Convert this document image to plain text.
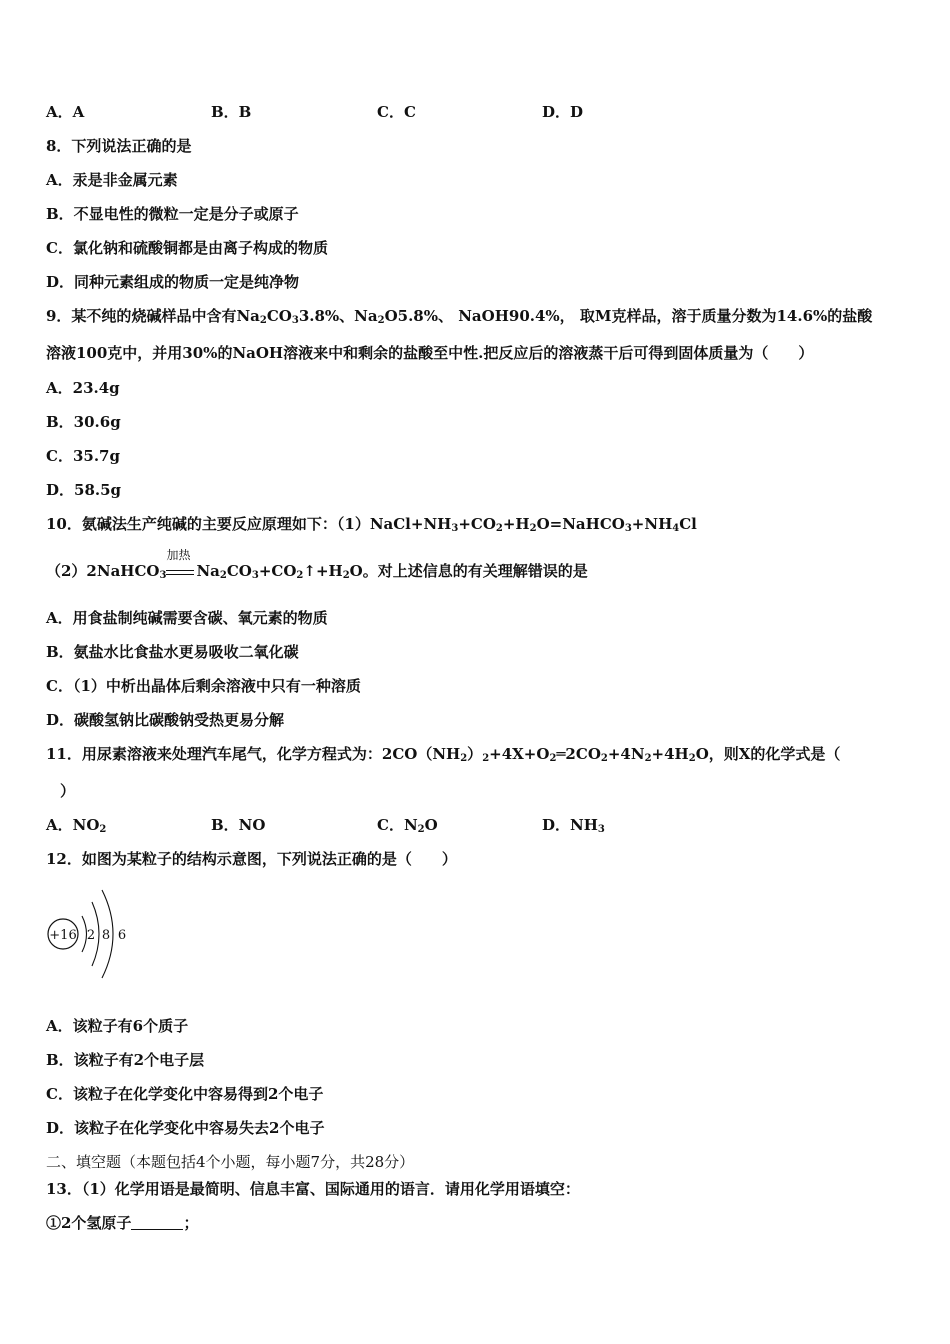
A．A	B．B	C．C	D．D
8．下列说法正确的是
A．汞是非金属元素
B．不显电性的微粒一定是分子或原子
C．氯化钠和硫酸铜都是由离子构成的物质
D．同种元素组成的物质一定是纯净物
9．某不纯的烧碱样品中含有$Na_2CO_33.8\%$、$Na_2O5.8\%$、 NaOH90.4%， 取M克样品，溶于质量分数为14.6%的盐酸
溶液100克中，并用30%的NaOH溶液来中和剩余的盐酸至中性.把反应后的溶液蒸干后可得到固体质量为（　　）
A．23.4g
B．30.6g
C．35.7g
D．58.5g
10．氨碱法生产纯碱的主要反应原理如下：$(1)NaCl+NH_3+CO_2+H_2O=NaHCO_3+NH_4Cl$
（2）2NaHCO$_3$
加热
$Na_2CO_3+CO_2↑+H_2O$。对上述信息的有关理解错误的是
A．用食盐制纯碱需要含碳、氧元素的物质
B．氨盐水比食盐水更易吸收二氧化碳
C．（1）中析出晶体后剩余溶液中只有一种溶质
D．碳酸氢钠比碳酸钠受热更易分解
11．用尿素溶液来处理汽车尾气，化学方程式为：$2CO(NH_2)_2+4X+O_2═2CO_2+4N_2+4H_2O$，则X的化学式是（
）
A．$NO_2$	B．NO	C．$N_2O$	D．$NH_3$
12．如图为某粒子的结构示意图，下列说法正确的是（　　）
+16 2 8 6
A．该粒子有6个质子
B．该粒子有2个电子层
C．该粒子在化学变化中容易得到2个电子
D．该粒子在化学变化中容易失去2个电子
二、填空题（本题包括4个小题，每小题7分，共28分）
13．（1）化学用语是最简明、信息丰富、国际通用的语言．请用化学用语填空：
①2个氢原子	；
